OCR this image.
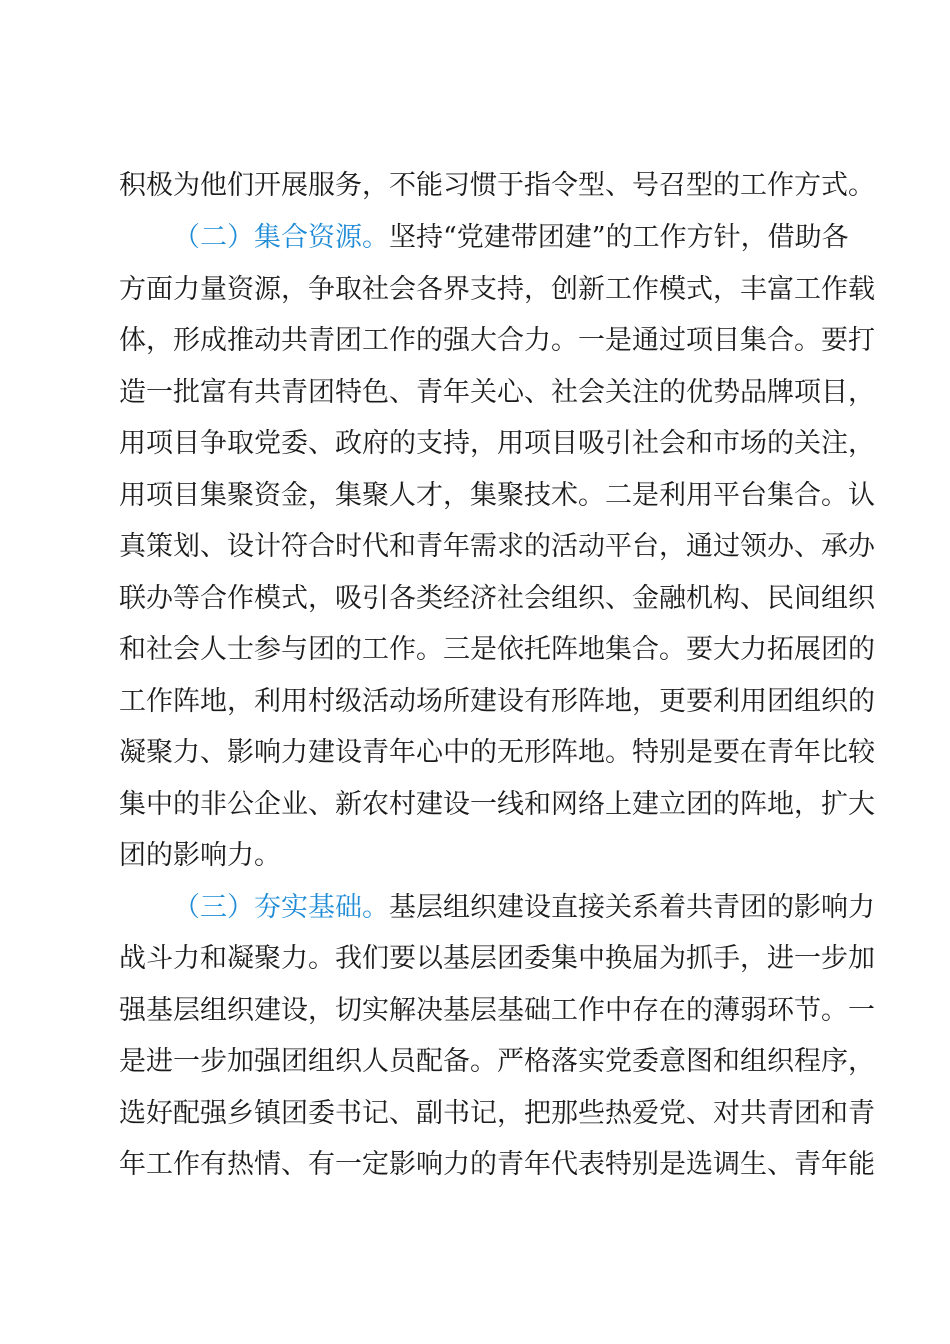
积极为他们开展服务，不能习惯于指令型、号召型的工作方式。
（二）集合资源。坚持“党建带团建”的工作方针，借助各
方面力量资源，争取社会各界支持，创新工作模式，丰富工作载
体，形成推动共青团工作的强大合力。一是通过项目集合。要打
造一批富有共青团特色、青年关心、社会关注的优势品牌项目，
用项目争取党委、政府的支持，用项目吸引社会和市场的关注，
用项目集聚资金，集聚人才，集聚技术。二是利用平台集合。认
真策划、设计符合时代和青年需求的活动平台，通过领办、承办
联办等合作模式，吸引各类经济社会组织、金融机构、民间组织
和社会人士参与团的工作。三是依托阵地集合。要大力拓展团的
工作阵地，利用村级活动场所建设有形阵地，更要利用团组织的
凝聚力、影响力建设青年心中的无形阵地。特别是要在青年比较
集中的非公企业、新农村建设一线和网络上建立团的阵地，扩大
团的影响力。
（三）夯实基础。基层组织建设直接关系着共青团的影响力
战斗力和凝聚力。我们要以基层团委集中换届为抓手，进一步加
强基层组织建设，切实解决基层基础工作中存在的薄弱环节。一
是进一步加强团组织人员配备。严格落实党委意图和组织程序，
选好配强乡镇团委书记、副书记，把那些热爱党、对共青团和青
年工作有热情、有一定影响力的青年代表特别是选调生、青年能
